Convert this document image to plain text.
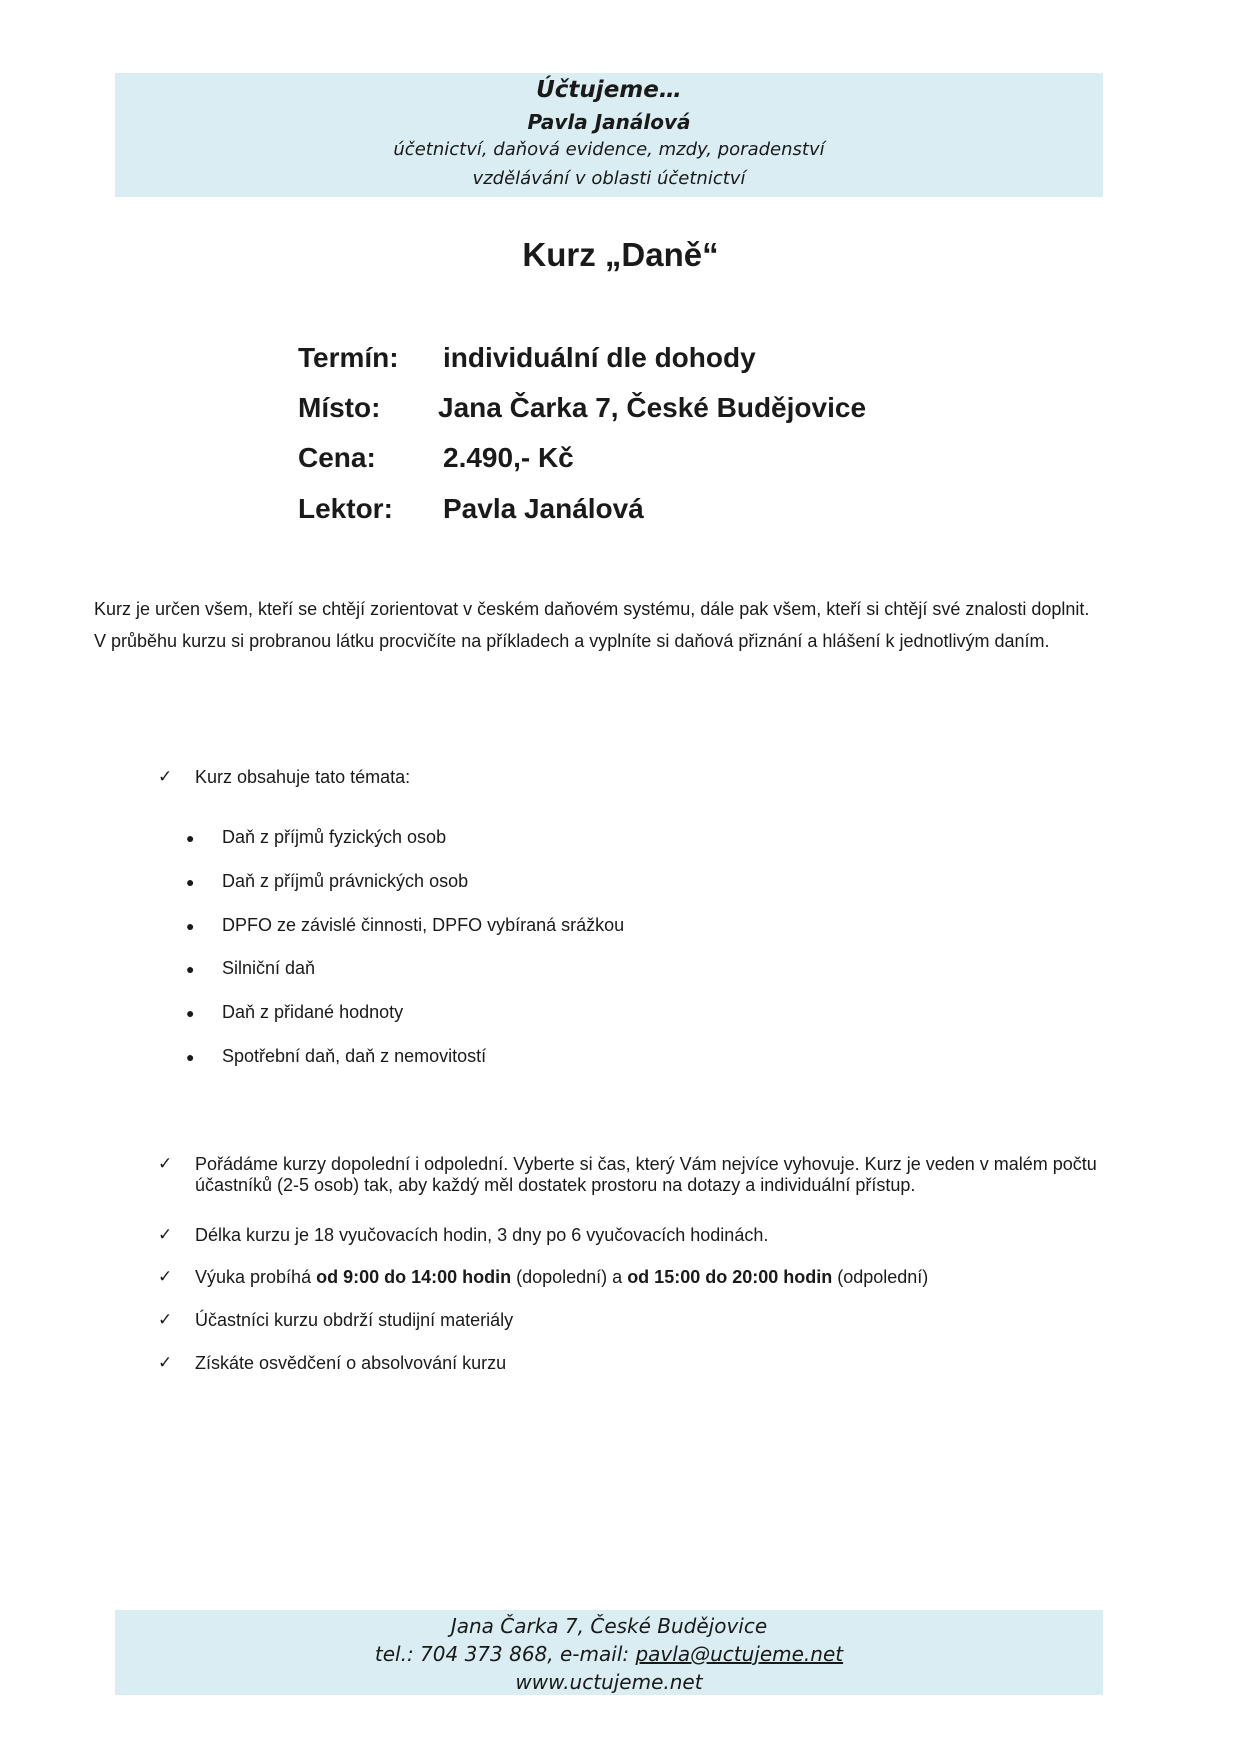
Účtujeme…
Pavla Janálová
účetnictví, daňová evidence, mzdy, poradenství
vzdělávání v oblasti účetnictví
Kurz „Daně“
Termín: individuální dle dohody
Místo: Jana Čarka 7, České Budějovice
Cena: 2.490,- Kč
Lektor: Pavla Janálová
Kurz je určen všem, kteří se chtějí zorientovat v českém daňovém systému, dále pak všem, kteří si chtějí své znalosti doplnit. V průběhu kurzu si probranou látku procvičíte na příkladech a vyplníte si daňová přiznání a hlášení k jednotlivým daním.
✓ Kurz obsahuje tato témata:
● Daň z příjmů fyzických osob
● Daň z příjmů právnických osob
● DPFO ze závislé činnosti, DPFO vybíraná srážkou
● Silniční daň
● Daň z přidané hodnoty
● Spotřební daň, daň z nemovitostí
✓ Pořádáme kurzy dopolední i odpolední. Vyberte si čas, který Vám nejvíce vyhovuje. Kurz je veden v malém počtu účastníků (2-5 osob) tak, aby každý měl dostatek prostoru na dotazy a individuální přístup.
✓ Délka kurzu je 18 vyučovacích hodin, 3 dny po 6 vyučovacích hodinách.
✓ Výuka probíhá od 9:00 do 14:00 hodin (dopolední) a od 15:00 do 20:00 hodin (odpolední)
✓ Účastníci kurzu obdrží studijní materiály
✓ Získáte osvědčení o absolvování kurzu
Jana Čarka 7, České Budějovice
tel.: 704 373 868, e-mail: pavla@uctujeme.net
www.uctujeme.net
